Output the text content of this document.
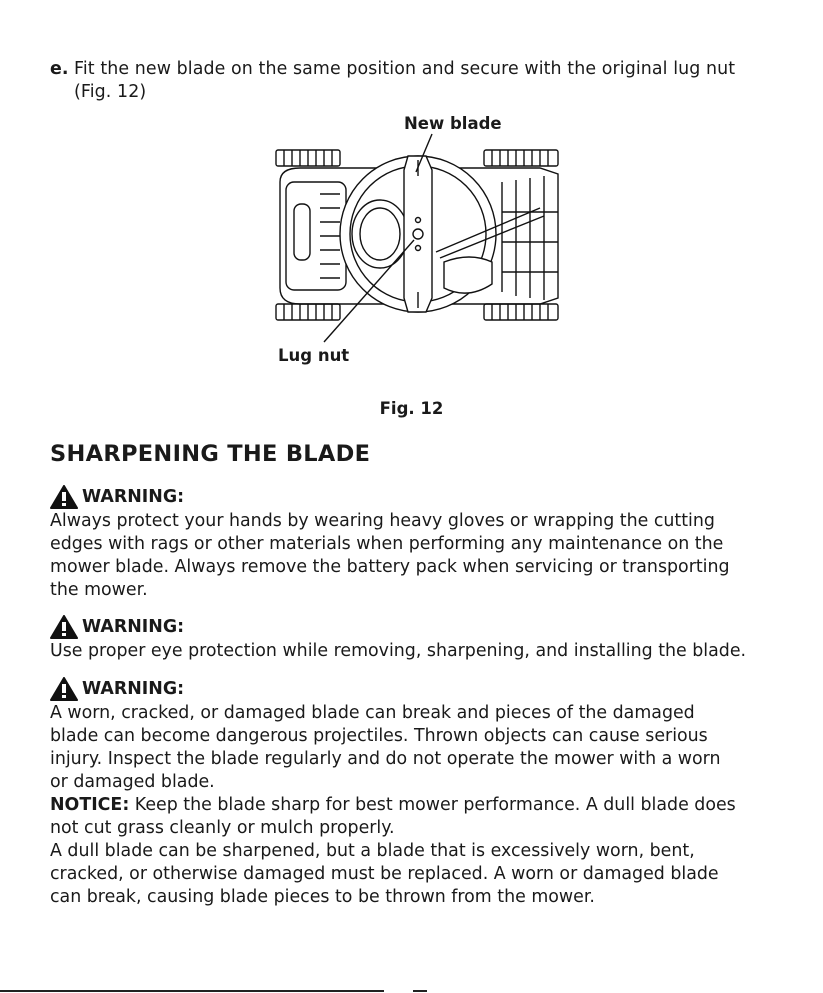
e. Fit the new blade on the same position and secure with the original lug nut
(Fig. 12)
New blade
Lug nut
Fig. 12
SHARPENING THE BLADE
WARNING:
Always protect your hands by wearing heavy gloves or wrapping the cutting
edges with rags or other materials when performing any maintenance on the
mower blade. Always remove the battery pack when servicing or transporting
the mower.
WARNING:
Use proper eye protection while removing, sharpening, and installing the blade.
WARNING:
A worn, cracked, or damaged blade can break and pieces of the damaged
blade can become dangerous projectiles. Thrown objects can cause serious
injury. Inspect the blade regularly and do not operate the mower with a worn
or damaged blade.
NOTICE: Keep the blade sharp for best mower performance. A dull blade does
not cut grass cleanly or mulch properly.
A dull blade can be sharpened, but a blade that is excessively worn, bent,
cracked, or otherwise damaged must be replaced. A worn or damaged blade
can break, causing blade pieces to be thrown from the mower.
